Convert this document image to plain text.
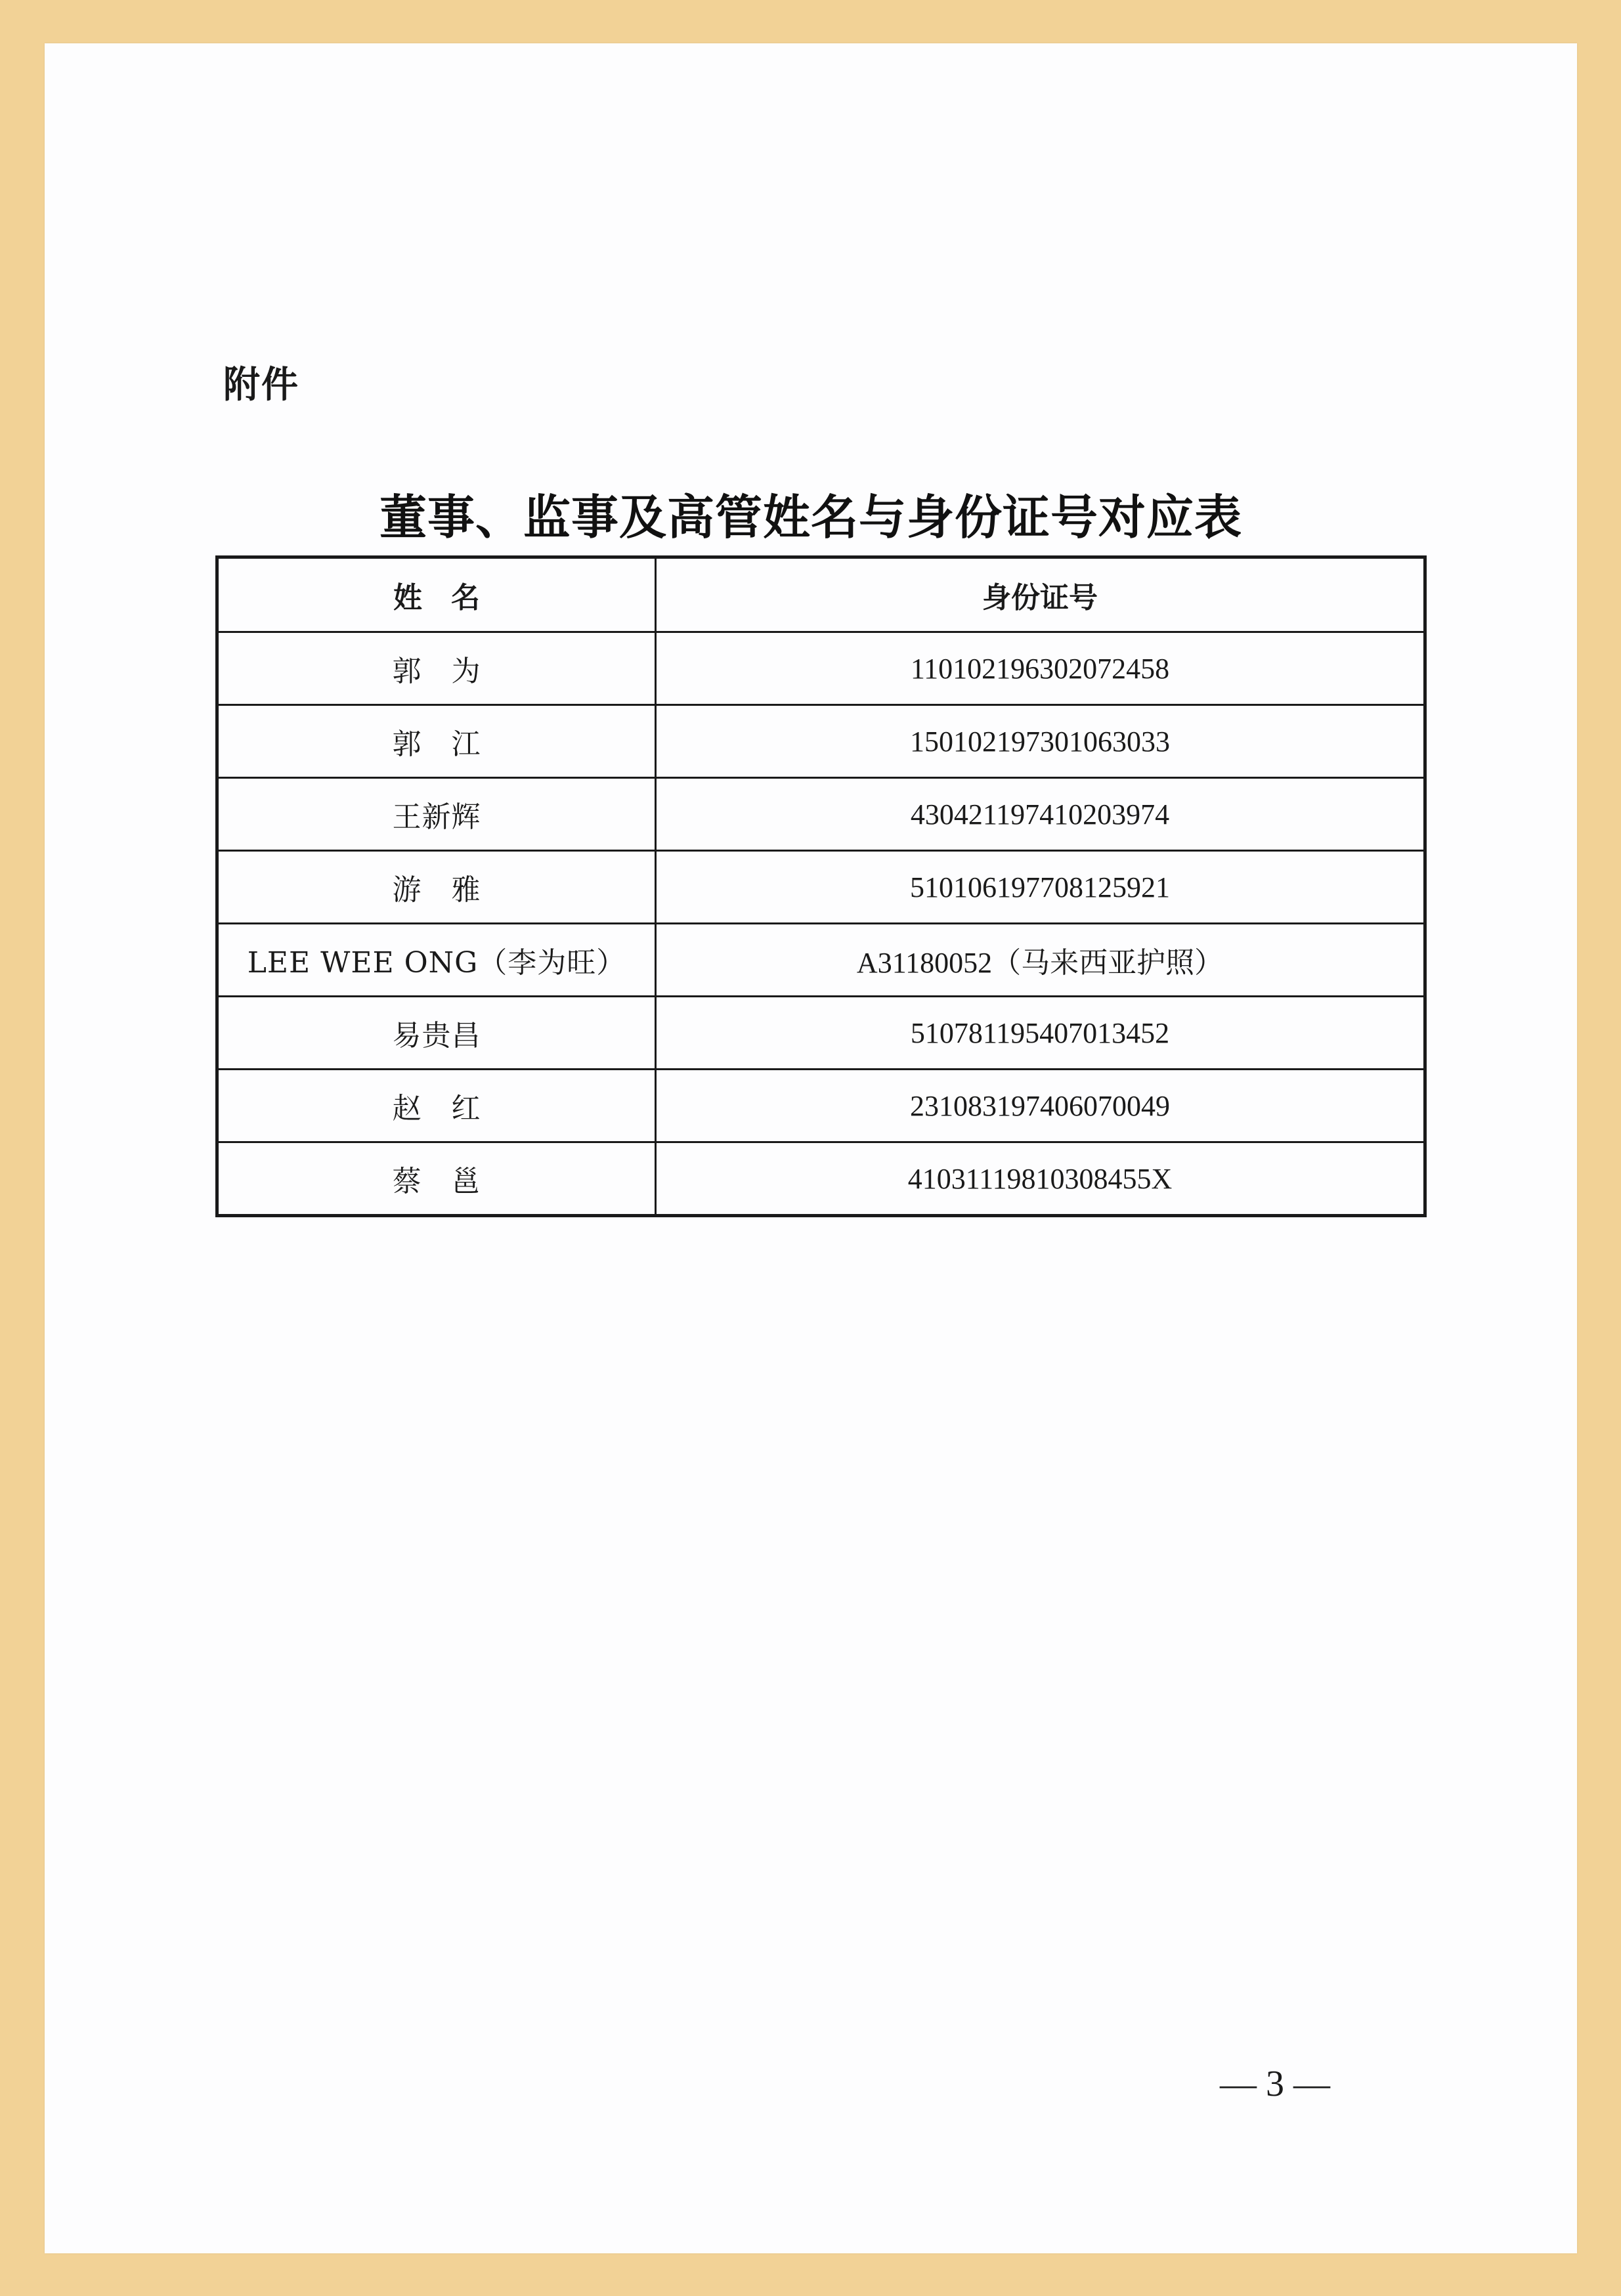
附件
董事、监事及高管姓名与身份证号对应表
姓　名	身份证号
郭　为	110102196302072458
郭　江	150102197301063033
王新辉	430421197410203974
游　雅	510106197708125921
LEE WEE ONG（李为旺）	A31180052（马来西亚护照）
易贵昌	510781195407013452
赵　红	231083197406070049
蔡　邕	41031119810308455X
— 3 —
